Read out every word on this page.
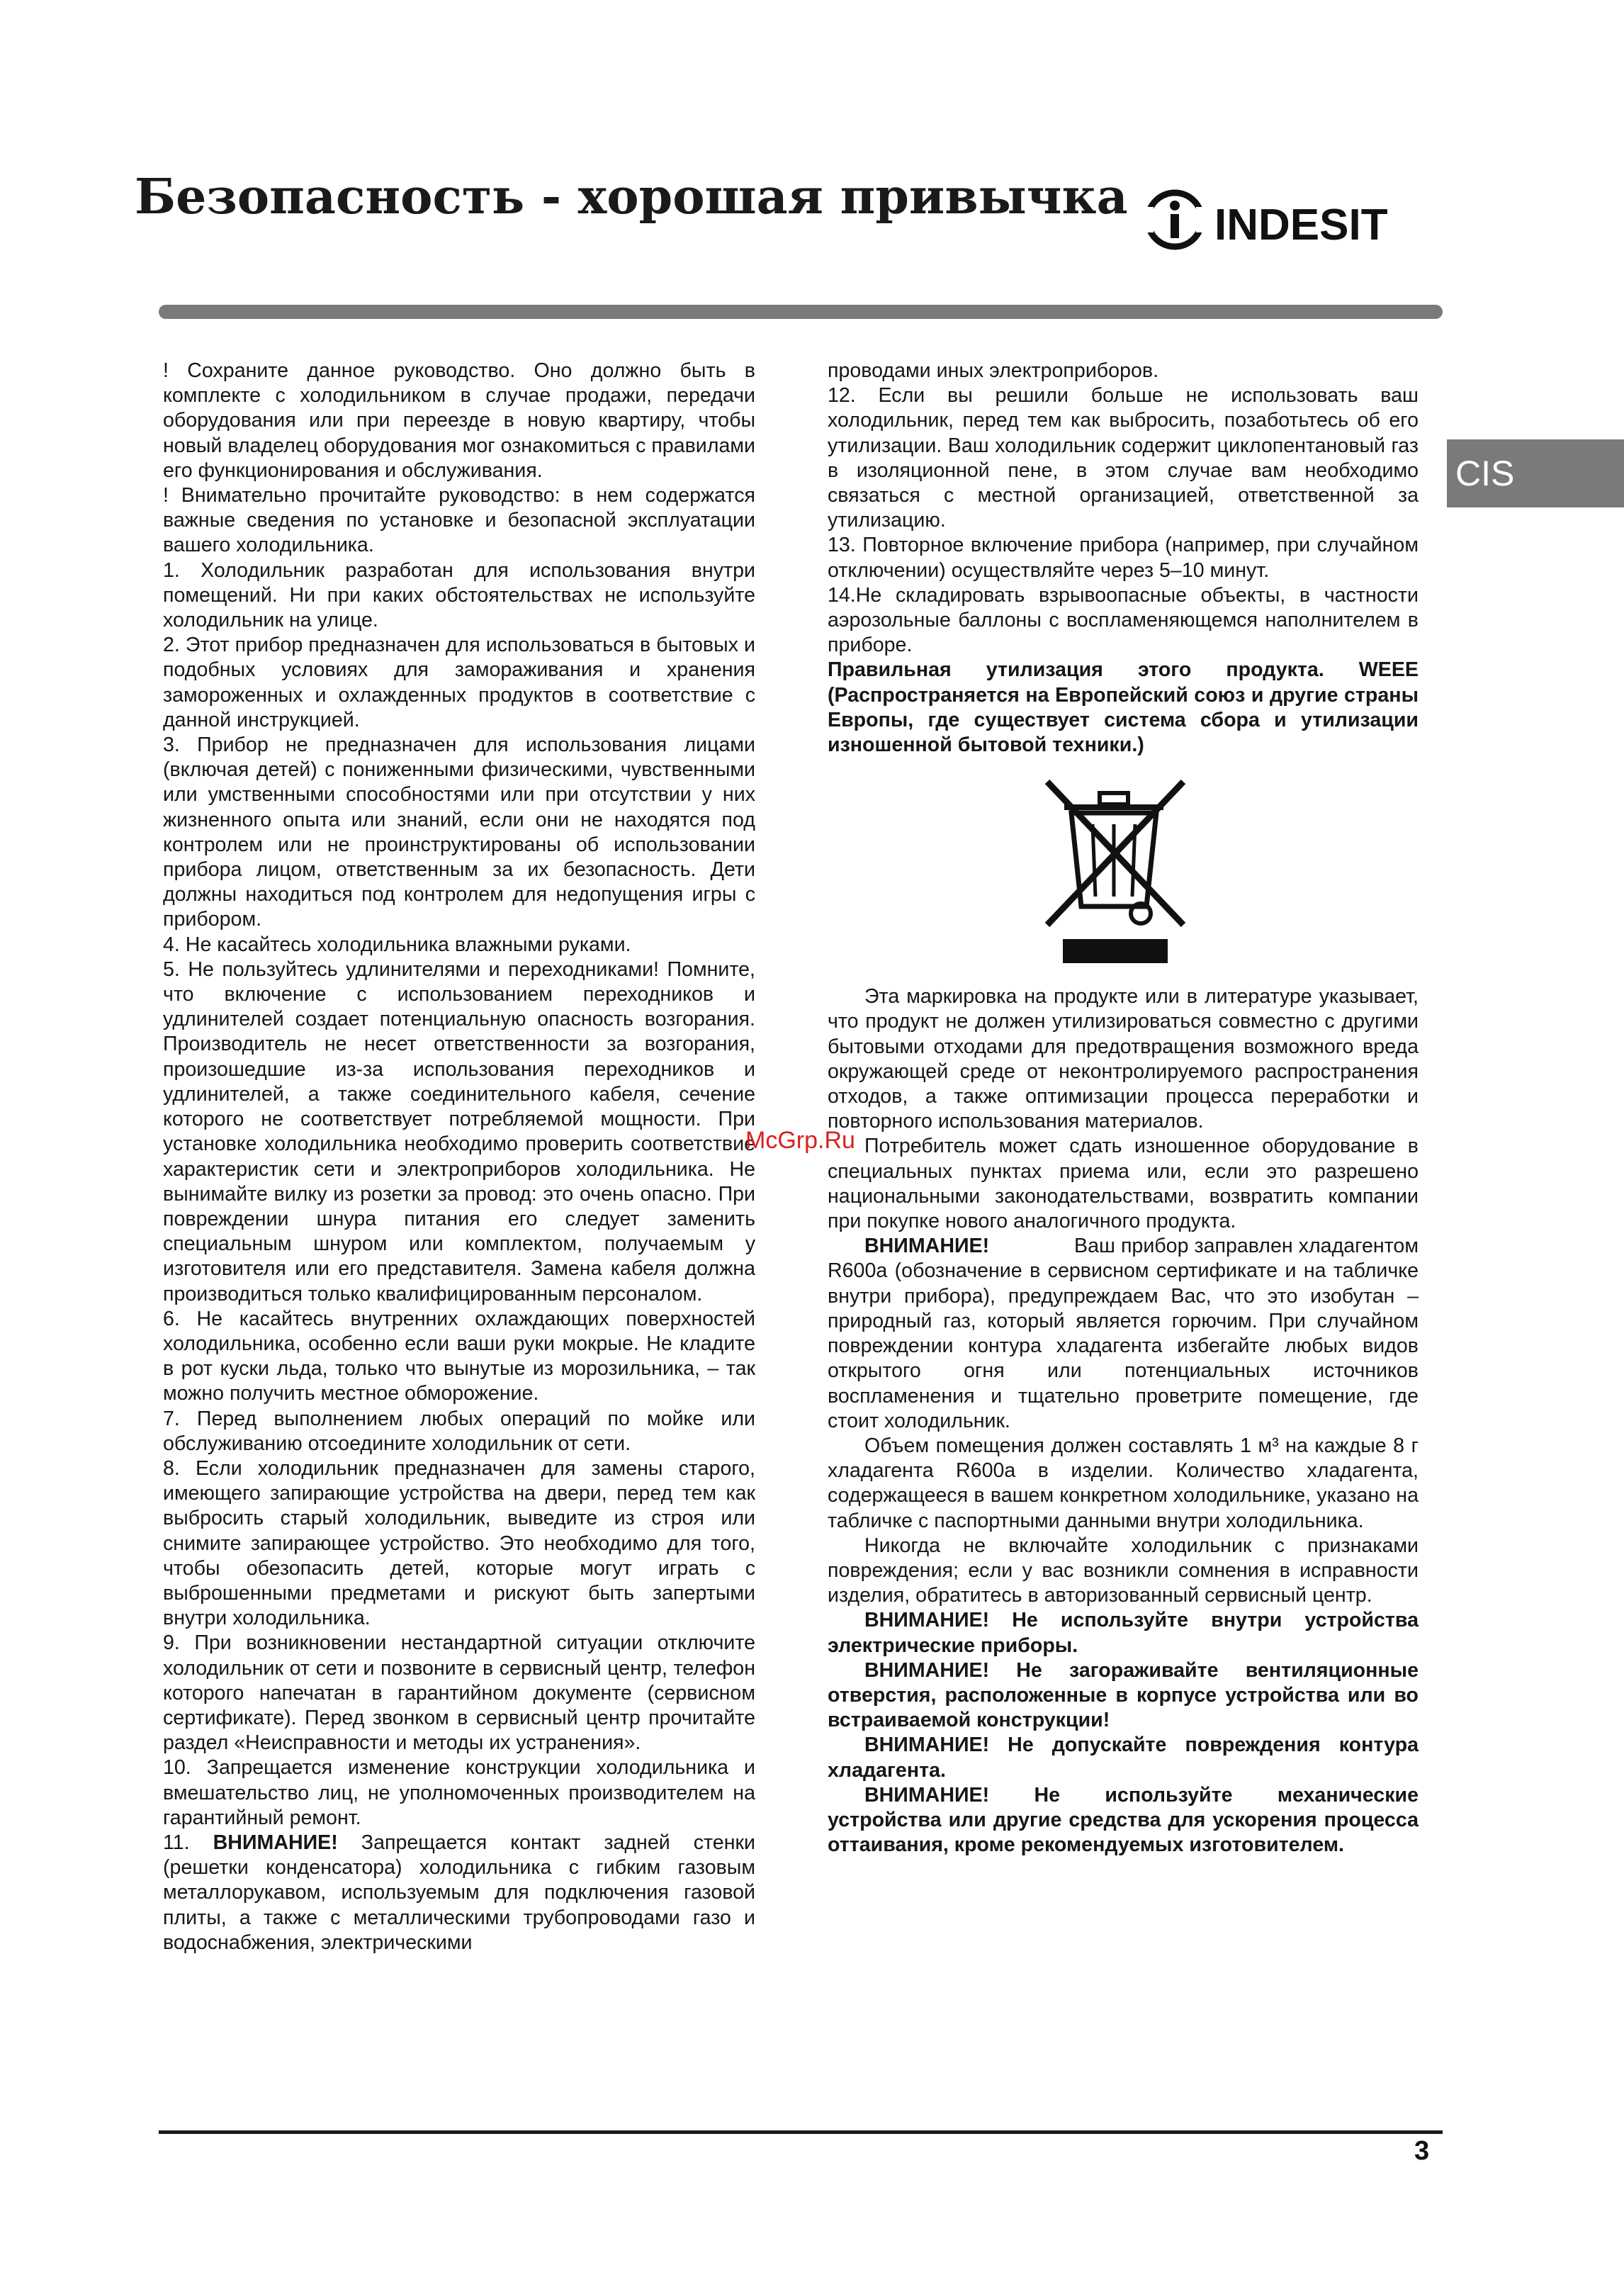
Безопасность - хорошая привычка INDESIT
CIS

! Сохраните данное руководство. Оно должно быть в комплекте с холодильником в случае продажи, передачи оборудования или при переезде в новую квартиру, чтобы новый владелец оборудования мог ознакомиться с правилами его функционирования и обслуживания.

! Внимательно прочитайте руководство: в нем содержатся важные сведения по установке и безопасной эксплуатации вашего холодильника.

1. Холодильник разработан для использования внутри помещений. Ни при каких обстоятельствах не используйте холодильник на улице.

2. Этот прибор предназначен для использоваться в бытовых и подобных условиях для замораживания и хранения замороженных и охлажденных продуктов в соответствие с данной инструкцией.

3. Прибор не предназначен для использования лицами (включая детей) с пониженными физическими, чувственными или умственными способностями или при отсутствии у них жизненного опыта или знаний, если они не находятся под контролем или не проинструктированы об использовании прибора лицом, ответственным за их безопасность. Дети должны находиться под контролем для недопущения игры с прибором.

4. Не касайтесь холодильника влажными руками.

5. Не пользуйтесь удлинителями и переходниками! Помните, что включение с использованием переходников и удлинителей создает потенциальную опасность возгорания. Производитель не несет ответственности за возгорания, произошедшие из-за использования переходников и удлинителей, а также соединительного кабеля, сечение которого не соответствует потребляемой мощности. При установке холодильника необходимо проверить соответствие характеристик сети и электроприборов холодильника. Не вынимайте вилку из розетки за провод: это очень опасно. При повреждении шнура питания его следует заменить специальным шнуром или комплектом, получаемым у изготовителя или его представителя. Замена кабеля должна производиться только квалифицированным персоналом.

6. Не касайтесь внутренних охлаждающих поверхностей холодильника, особенно если ваши руки мокрые. Не кладите в рот куски льда, только что вынутые из морозильника, – так можно получить местное обморожение.

7. Перед выполнением любых операций по мойке или обслуживанию отсоедините холодильник от сети.

8. Если холодильник предназначен для замены старого, имеющего запирающие устройства на двери, перед тем как выбросить старый холодильник, выведите из строя или снимите запирающее устройство. Это необходимо для того, чтобы обезопасить детей, которые могут играть с выброшенными предметами и рискуют быть запертыми внутри холодильника.

9. При возникновении нестандартной ситуации отключите холодильник от сети и позвоните в сервисный центр, телефон которого напечатан в гарантийном документе (сервисном сертификате). Перед звонком в сервисный центр прочитайте раздел «Неисправности и методы их устранения».

10. Запрещается изменение конструкции холодильника и вмешательство лиц, не уполномоченных производителем на гарантийный ремонт.

11. ВНИМАНИЕ! Запрещается контакт задней стенки (решетки конденсатора) холодильника с гибким газовым металлорукавом, используемым для подключения газовой плиты, а также с металлическими трубопроводами газо и водоснабжения, электрическими

проводами иных электроприборов.

12. Если вы решили больше не использовать ваш холодильник, перед тем как выбросить, позаботьтесь об его утилизации. Ваш холодильник содержит циклопентановый газ в изоляционной пене, в этом случае вам необходимо связаться с местной организацией, ответственной за утилизацию.

13. Повторное включение прибора (например, при случайном отключении) осуществляйте через 5–10 минут.

14.Не складировать взрывоопасные объекты, в частности аэрозольные баллоны с воспламеняющемся наполнителем в приборе.

Правильная утилизация этого продукта. WEEE (Распространяется на Европейский союз и другие страны Европы, где существует система сбора и утилизации изношенной бытовой техники.)

Эта маркировка на продукте или в литературе указывает, что продукт не должен утилизироваться совместно с другими бытовыми отходами для предотвращения возможного вреда окружающей среде от неконтролируемого распространения отходов, а также оптимизации процесса переработки и повторного использования материалов.

Потребитель может сдать изношенное оборудование в специальных пунктах приема или, если это разрешено национальными законодательствами, возвратить компании при покупке нового аналогичного продукта.

ВНИМАНИЕ!	Ваш прибор заправлен хладагентом R600a (обозначение в сервисном сертификате и на табличке внутри прибора), предупреждаем Вас, что это изобутан – природный газ, который является горючим. При случайном повреждении контура хладагента избегайте любых видов открытого огня или потенциальных источников воспламенения и тщательно проветрите помещение, где стоит холодильник.

Объем помещения должен составлять 1 м³ на каждые 8 г хладагента R600a в изделии. Количество хладагента, содержащееся в вашем конкретном холодильнике, указано на табличке с паспортными данными внутри холодильника.

Никогда не включайте холодильник с признаками повреждения; если у вас возникли сомнения в исправности изделия, обратитесь в авторизованный сервисный центр.

ВНИМАНИЕ! Не используйте внутри устройства электрические приборы.

ВНИМАНИЕ! Не загораживайте вентиляционные отверстия, расположенные в корпусе устройства или во встраиваемой конструкции!

ВНИМАНИЕ! Не допускайте повреждения контура хладагента.

ВНИМАНИЕ! Не используйте механические устройства или другие средства для ускорения процесса оттаивания, кроме рекомендуемых изготовителем.

McGrp.Ru
3
